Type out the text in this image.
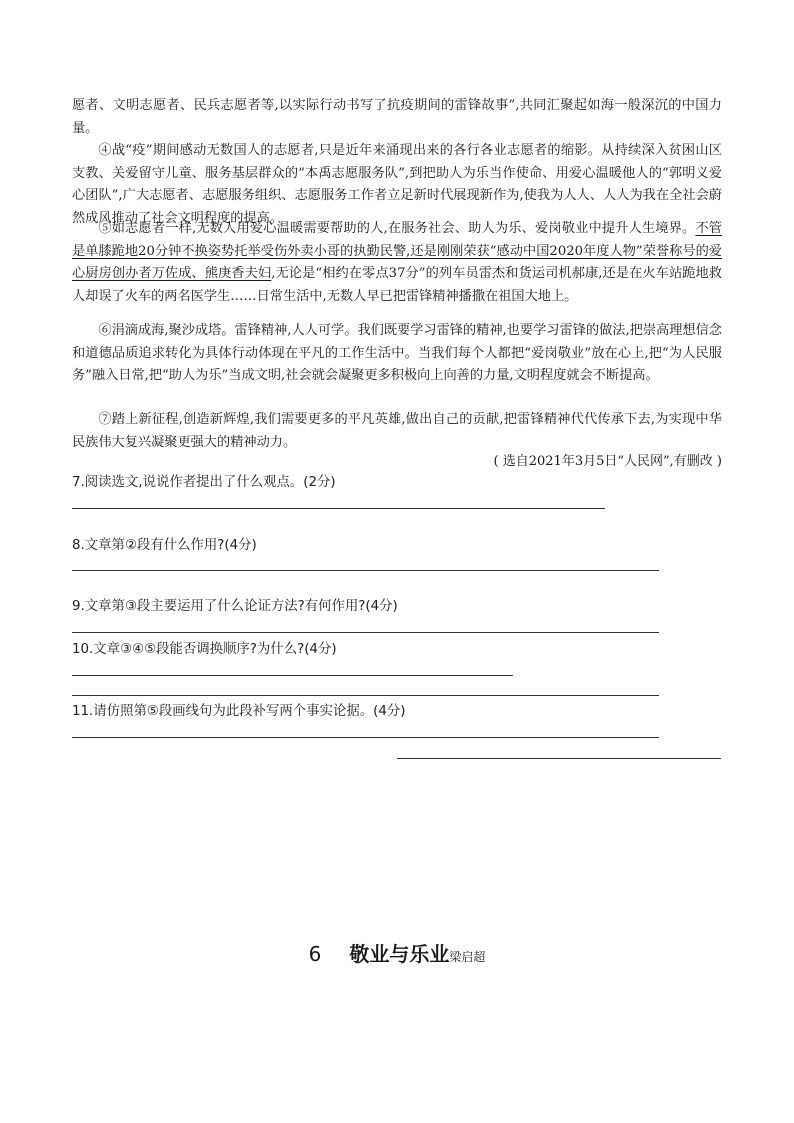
愿者、文明志愿者、民兵志愿者等,以实际行动书写了抗疫期间的雷锋故事”,共同汇聚起如海一般深沉的中国力量。

④战“疫”期间感动无数国人的志愿者,只是近年来涌现出来的各行各业志愿者的缩影。从持续深入贫困山区支教、关爱留守儿童、服务基层群众的“本禹志愿服务队”,到把助人为乐当作使命、用爱心温暖他人的“郭明义爱心团队”,广大志愿者、志愿服务组织、志愿服务工作者立足新时代展现新作为,使我为人人、人人为我在全社会蔚然成风推动了社会文明程度的提高。

⑤如志愿者一样,无数人用爱心温暖需要帮助的人,在服务社会、助人为乐、爱岗敬业中提升人生境界。不管是单膝跪地20分钟不换姿势托举受伤外卖小哥的执勤民警,还是刚刚荣获“感动中国2020年度人物”荣誉称号的爱心厨房创办者万佐成、熊庚香夫妇,无论是“相约在零点37分”的列车员雷杰和货运司机郝康,还是在火车站跪地救人却误了火车的两名医学生……日常生活中,无数人早已把雷锋精神播撒在祖国大地上。

⑥涓滴成海,聚沙成塔。雷锋精神,人人可学。我们既要学习雷锋的精神,也要学习雷锋的做法,把崇高理想信念和道德品质追求转化为具体行动体现在平凡的工作生活中。当我们每个人都把“爱岗敬业”放在心上,把“为人民服务”融入日常,把“助人为乐”当成文明,社会就会凝聚更多积极向上向善的力量,文明程度就会不断提高。

⑦踏上新征程,创造新辉煌,我们需要更多的平凡英雄,做出自己的贡献,把雷锋精神代代传承下去,为实现中华民族伟大复兴凝聚更强大的精神动力。

( 选自2021年3月5日“人民网”,有删改 )
7.阅读选文,说说作者提出了什么观点。(2分)
8.文章第②段有什么作用?(4分)
9.文章第③段主要运用了什么论证方法?有何作用?(4分)
10.文章③④⑤段能否调换顺序?为什么?(4分)
11.请仿照第⑤段画线句为此段补写两个事实论据。(4分)
6 敬业与乐业梁启超
